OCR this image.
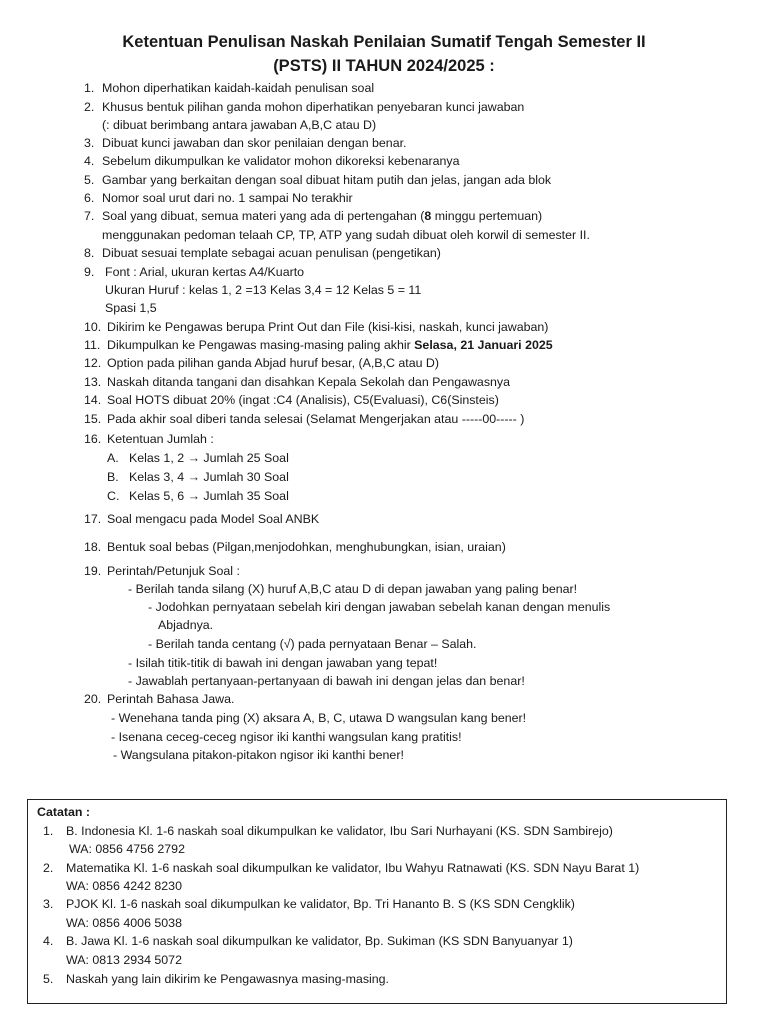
Ketentuan Penulisan Naskah Penilaian Sumatif Tengah Semester II
(PSTS) II TAHUN 2024/2025 :
1. Mohon diperhatikan kaidah-kaidah penulisan soal
2. Khusus bentuk pilihan ganda mohon diperhatikan penyebaran kunci jawaban
(: dibuat berimbang antara jawaban A,B,C atau D)
3. Dibuat kunci jawaban dan skor penilaian dengan benar.
4. Sebelum dikumpulkan ke validator mohon dikoreksi kebenaranya
5. Gambar yang berkaitan dengan soal dibuat hitam putih dan jelas, jangan ada blok
6. Nomor soal urut dari no. 1 sampai No terakhir
7. Soal yang dibuat, semua materi yang ada di pertengahan (8 minggu pertemuan)
menggunakan pedoman telaah CP, TP, ATP yang sudah dibuat oleh korwil di semester II.
8. Dibuat sesuai template sebagai acuan penulisan (pengetikan)
9. Font : Arial, ukuran kertas A4/Kuarto
Ukuran Huruf : kelas 1, 2 =13 Kelas 3,4 = 12 Kelas 5 = 11
Spasi 1,5
10. Dikirim ke Pengawas berupa Print Out dan File (kisi-kisi, naskah, kunci jawaban)
11. Dikumpulkan ke Pengawas masing-masing paling akhir Selasa, 21 Januari 2025
12. Option pada pilihan ganda Abjad huruf besar, (A,B,C atau D)
13. Naskah ditanda tangani dan disahkan Kepala Sekolah dan Pengawasnya
14. Soal HOTS dibuat 20% (ingat :C4 (Analisis), C5(Evaluasi), C6(Sinsteis)
15. Pada akhir soal diberi tanda selesai (Selamat Mengerjakan atau -----00----- )
16. Ketentuan Jumlah :
A. Kelas 1, 2 → Jumlah 25 Soal
B. Kelas 3, 4 → Jumlah 30 Soal
C. Kelas 5, 6 → Jumlah 35 Soal
17. Soal mengacu pada Model Soal ANBK
18. Bentuk soal bebas (Pilgan,menjodohkan, menghubungkan, isian, uraian)
19. Perintah/Petunjuk Soal :
- Berilah tanda silang (X) huruf A,B,C atau D di depan jawaban yang paling benar!
- Jodohkan pernyataan sebelah kiri dengan jawaban sebelah kanan dengan menulis
Abjadnya.
- Berilah tanda centang (√) pada pernyataan Benar – Salah.
- Isilah titik-titik di bawah ini dengan jawaban yang tepat!
- Jawablah pertanyaan-pertanyaan di bawah ini dengan jelas dan benar!
20. Perintah Bahasa Jawa.
- Wenehana tanda ping (X) aksara A, B, C, utawa D wangsulan kang bener!
- Isenana ceceg-ceceg ngisor iki kanthi wangsulan kang pratitis!
- Wangsulana pitakon-pitakon ngisor iki kanthi bener!
Catatan :
1. B. Indonesia Kl. 1-6 naskah soal dikumpulkan ke validator, Ibu Sari Nurhayani (KS. SDN Sambirejo)
WA: 0856 4756 2792
2. Matematika Kl. 1-6 naskah soal dikumpulkan ke validator, Ibu Wahyu Ratnawati (KS. SDN Nayu Barat 1)
WA: 0856 4242 8230
3. PJOK Kl. 1-6 naskah soal dikumpulkan ke validator, Bp. Tri Hananto B. S (KS SDN Cengklik)
WA: 0856 4006 5038
4. B. Jawa Kl. 1-6 naskah soal dikumpulkan ke validator, Bp. Sukiman (KS SDN Banyuanyar 1)
WA: 0813 2934 5072
5. Naskah yang lain dikirim ke Pengawasnya masing-masing.
